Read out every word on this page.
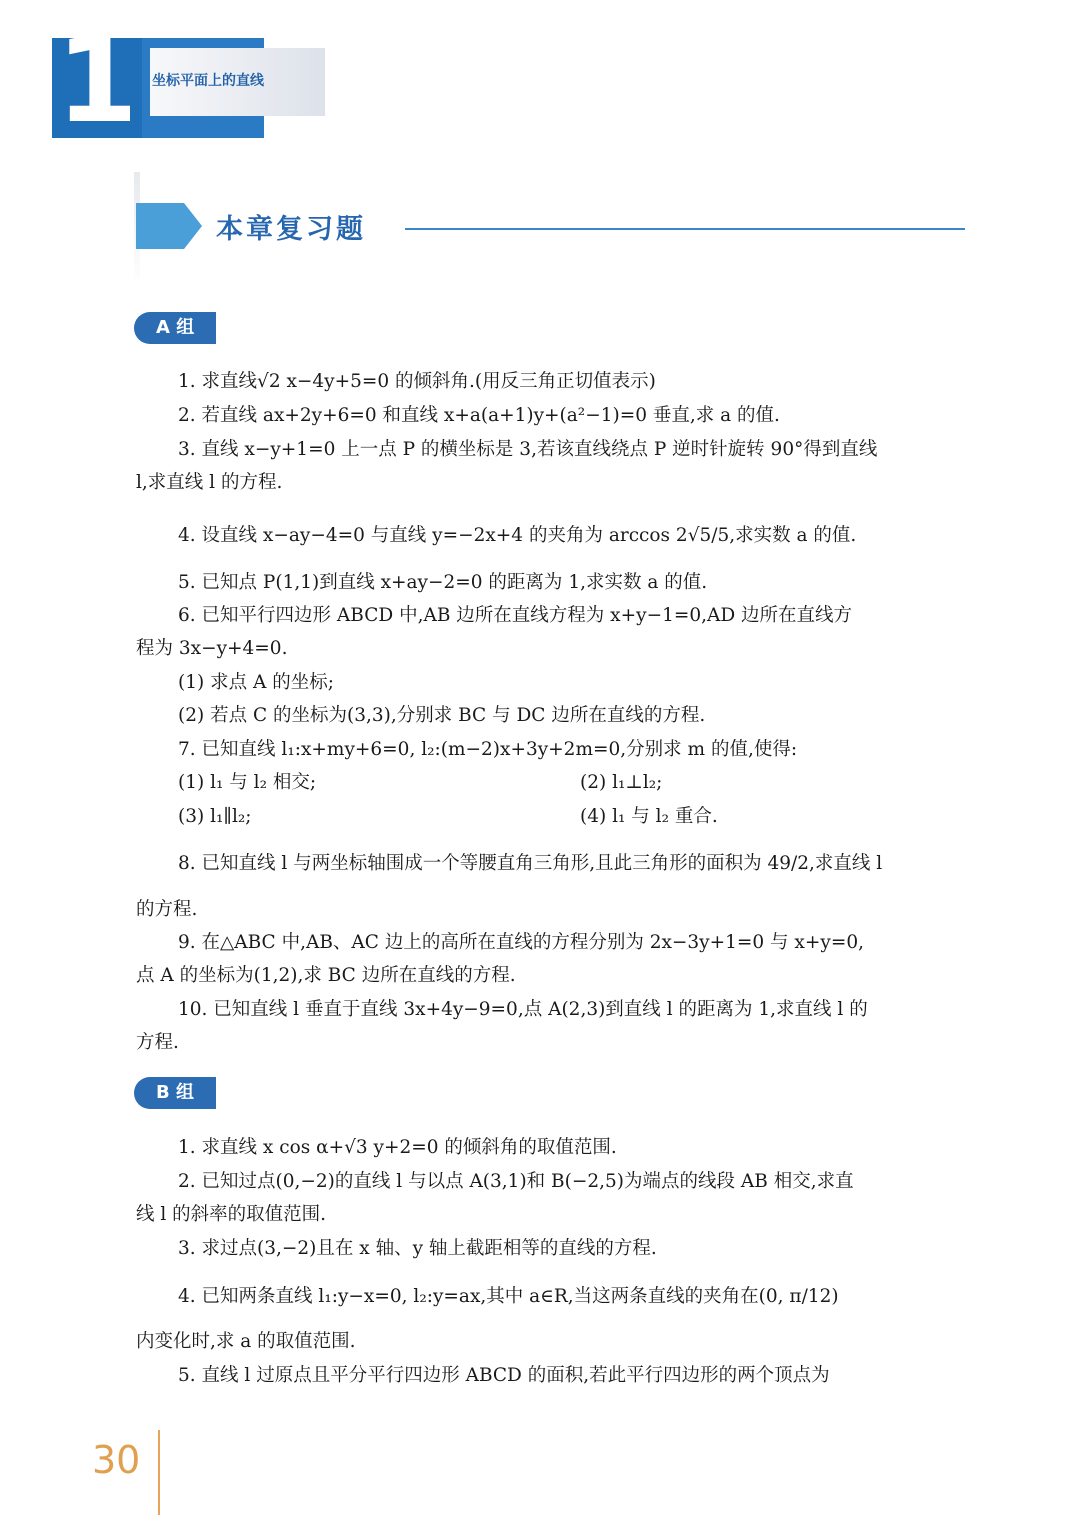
1 坐标平面上的直线
本章复习题
A 组
1. 求直线√2 x−4y+5=0 的倾斜角.(用反三角正切值表示)
2. 若直线 ax+2y+6=0 和直线 x+a(a+1)y+(a²−1)=0 垂直,求 a 的值.
3. 直线 x−y+1=0 上一点 P 的横坐标是 3,若该直线绕点 P 逆时针旋转 90°得到直线
l,求直线 l 的方程.
4. 设直线 x−ay−4=0 与直线 y=−2x+4 的夹角为 arccos 2√5/5,求实数 a 的值.
5. 已知点 P(1,1)到直线 x+ay−2=0 的距离为 1,求实数 a 的值.
6. 已知平行四边形 ABCD 中,AB 边所在直线方程为 x+y−1=0,AD 边所在直线方
程为 3x−y+4=0.
(1) 求点 A 的坐标;
(2) 若点 C 的坐标为(3,3),分别求 BC 与 DC 边所在直线的方程.
7. 已知直线 l₁:x+my+6=0, l₂:(m−2)x+3y+2m=0,分别求 m 的值,使得:
(1) l₁ 与 l₂ 相交;	(2) l₁⊥l₂;
(3) l₁∥l₂;	(4) l₁ 与 l₂ 重合.
8. 已知直线 l 与两坐标轴围成一个等腰直角三角形,且此三角形的面积为 49/2,求直线 l
的方程.
9. 在△ABC 中,AB、AC 边上的高所在直线的方程分别为 2x−3y+1=0 与 x+y=0,
点 A 的坐标为(1,2),求 BC 边所在直线的方程.
10. 已知直线 l 垂直于直线 3x+4y−9=0,点 A(2,3)到直线 l 的距离为 1,求直线 l 的
方程.
B 组
1. 求直线 x cos α+√3 y+2=0 的倾斜角的取值范围.
2. 已知过点(0,−2)的直线 l 与以点 A(3,1)和 B(−2,5)为端点的线段 AB 相交,求直
线 l 的斜率的取值范围.
3. 求过点(3,−2)且在 x 轴、y 轴上截距相等的直线的方程.
4. 已知两条直线 l₁:y−x=0, l₂:y=ax,其中 a∈R,当这两条直线的夹角在(0, π/12)
内变化时,求 a 的取值范围.
5. 直线 l 过原点且平分平行四边形 ABCD 的面积,若此平行四边形的两个顶点为
30
